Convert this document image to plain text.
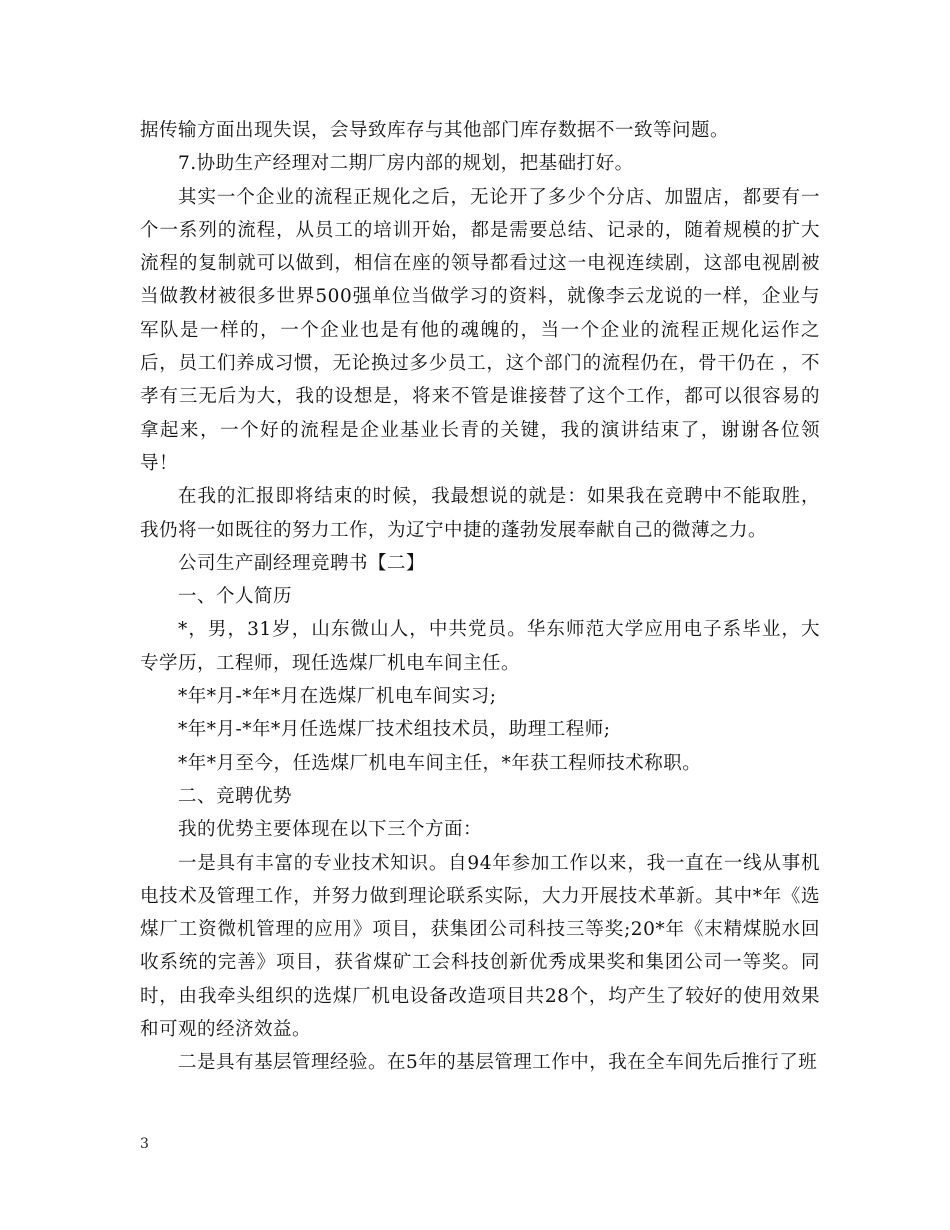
据传输方面出现失误，会导致库存与其他部门库存数据不一致等问题。

7.协助生产经理对二期厂房内部的规划，把基础打好。

其实一个企业的流程正规化之后，无论开了多少个分店、加盟店，都要有一个一系列的流程，从员工的培训开始，都是需要总结、记录的，随着规模的扩大流程的复制就可以做到，相信在座的领导都看过这一电视连续剧，这部电视剧被当做教材被很多世界500强单位当做学习的资料，就像李云龙说的一样，企业与军队是一样的，一个企业也是有他的魂魄的，当一个企业的流程正规化运作之后，员工们养成习惯，无论换过多少员工，这个部门的流程仍在，骨干仍在 ，不孝有三无后为大，我的设想是，将来不管是谁接替了这个工作，都可以很容易的拿起来，一个好的流程是企业基业长青的关键，我的演讲结束了，谢谢各位领导！

在我的汇报即将结束的时候，我最想说的就是：如果我在竞聘中不能取胜，我仍将一如既往的努力工作，为辽宁中捷的蓬勃发展奉献自己的微薄之力。

公司生产副经理竞聘书【二】

一、个人简历

*，男，31岁，山东微山人，中共党员。华东师范大学应用电子系毕业，大专学历，工程师，现任选煤厂机电车间主任。

*年*月-*年*月在选煤厂机电车间实习;

*年*月-*年*月任选煤厂技术组技术员，助理工程师;

*年*月至今，任选煤厂机电车间主任，*年获工程师技术称职。

二、竞聘优势

我的优势主要体现在以下三个方面：

一是具有丰富的专业技术知识。自94年参加工作以来，我一直在一线从事机电技术及管理工作，并努力做到理论联系实际，大力开展技术革新。其中*年《选煤厂工资微机管理的应用》项目，获集团公司科技三等奖;20*年《末精煤脱水回收系统的完善》项目，获省煤矿工会科技创新优秀成果奖和集团公司一等奖。同时，由我牵头组织的选煤厂机电设备改造项目共28个，均产生了较好的使用效果和可观的经济效益。

二是具有基层管理经验。在5年的基层管理工作中，我在全车间先后推行了班

3
